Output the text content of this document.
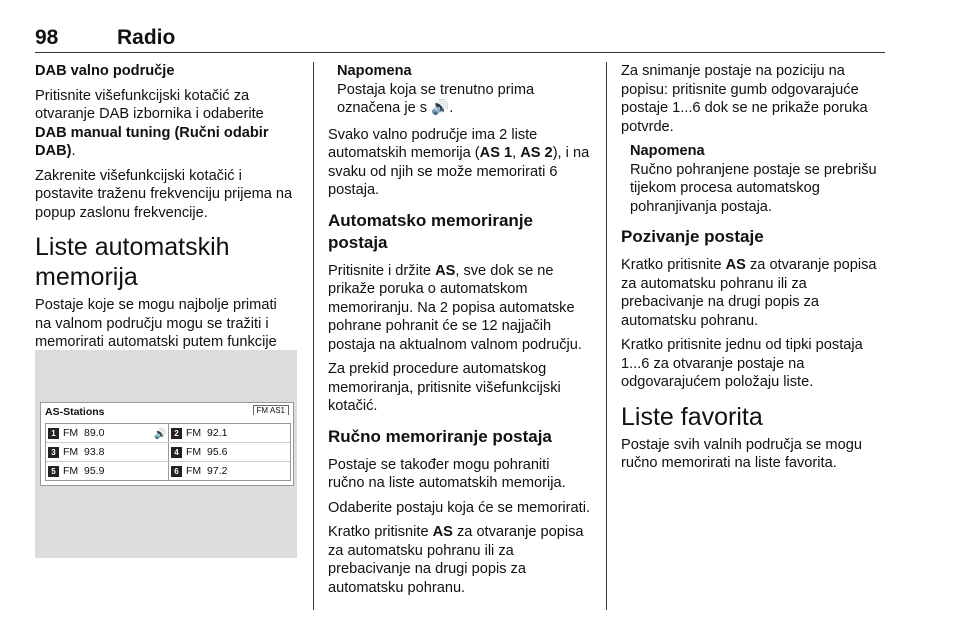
98	Radio

DAB valno područje

Pritisnite višefunkcijski kotačić za otvaranje DAB izbornika i odaberite DAB manual tuning (Ručni odabir DAB).

Zakrenite višefunkcijski kotačić i postavite traženu frekvenciju prijema na popup zaslonu frekvencije.

Liste automatskih memorija

Postaje koje se mogu najbolje primati na valnom području mogu se tražiti i memorirati automatski putem funkcije

AS-Stations	FM AS1
1 FM 89.0	🔊 2 FM 92.1
3 FM 93.8	4 FM 95.6
5 FM 95.9	6 FM 97.2
Napomena
Postaja koja se trenutno prima označena je s 🔊.

Svako valno područje ima 2 liste automatskih memorija (AS 1, AS 2), i na svaku od njih se može memorirati 6 postaja.

Automatsko memoriranje postaja

Pritisnite i držite AS, sve dok se ne prikaže poruka o automatskom memoriranju. Na 2 popisa automatske pohrane pohranit će se 12 najjačih postaja na aktualnom valnom području.

Za prekid procedure automatskog memoriranja, pritisnite višefunkcijski kotačić.

Ručno memoriranje postaja

Postaje se također mogu pohraniti ručno na liste automatskih memorija.

Odaberite postaju koja će se memorirati.

Kratko pritisnite AS za otvaranje popisa za automatsku pohranu ili za prebacivanje na drugi popis za automatsku pohranu.

Za snimanje postaje na poziciju na popisu: pritisnite gumb odgovarajuće postaje 1...6 dok se ne prikaže poruka potvrde.

Napomena
Ručno pohranjene postaje se prebrišu tijekom procesa automatskog pohranjivanja postaja.
Pozivanje postaje

Kratko pritisnite AS za otvaranje popisa za automatsku pohranu ili za prebacivanje na drugi popis za automatsku pohranu.

Kratko pritisnite jednu od tipki postaja 1...6 za otvaranje postaje na odgovarajućem položaju liste.

Liste favorita

Postaje svih valnih područja se mogu ručno memorirati na liste favorita.
